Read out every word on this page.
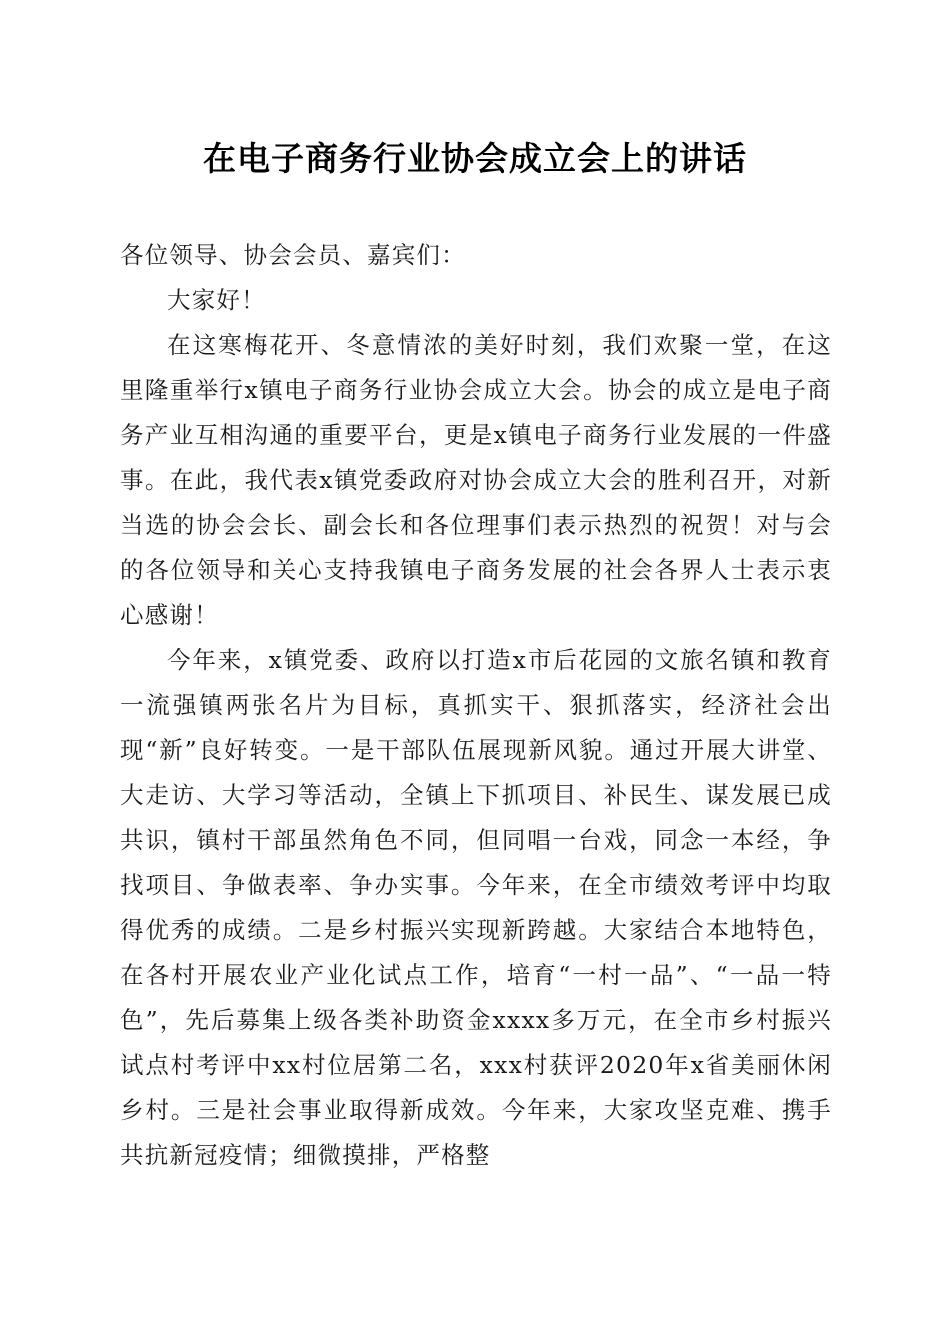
在电子商务行业协会成立会上的讲话

各位领导、协会会员、嘉宾们：

大家好！

在这寒梅花开、冬意情浓的美好时刻，我们欢聚一堂，在这里隆重举行x镇电子商务行业协会成立大会。协会的成立是电子商务产业互相沟通的重要平台，更是x镇电子商务行业发展的一件盛事。在此，我代表x镇党委政府对协会成立大会的胜利召开，对新当选的协会会长、副会长和各位理事们表示热烈的祝贺！对与会的各位领导和关心支持我镇电子商务发展的社会各界人士表示衷心感谢！

今年来，x镇党委、政府以打造x市后花园的文旅名镇和教育一流强镇两张名片为目标，真抓实干、狠抓落实，经济社会出现“新”良好转变。一是干部队伍展现新风貌。通过开展大讲堂、大走访、大学习等活动，全镇上下抓项目、补民生、谋发展已成共识，镇村干部虽然角色不同，但同唱一台戏，同念一本经，争找项目、争做表率、争办实事。今年来，在全市绩效考评中均取得优秀的成绩。二是乡村振兴实现新跨越。大家结合本地特色，在各村开展农业产业化试点工作，培育“一村一品”、“一品一特色”，先后募集上级各类补助资金xxxx多万元，在全市乡村振兴试点村考评中xx村位居第二名，xxx村获评2020年x省美丽休闲乡村。三是社会事业取得新成效。今年来，大家攻坚克难、携手共抗新冠疫情；细微摸排，严格整
